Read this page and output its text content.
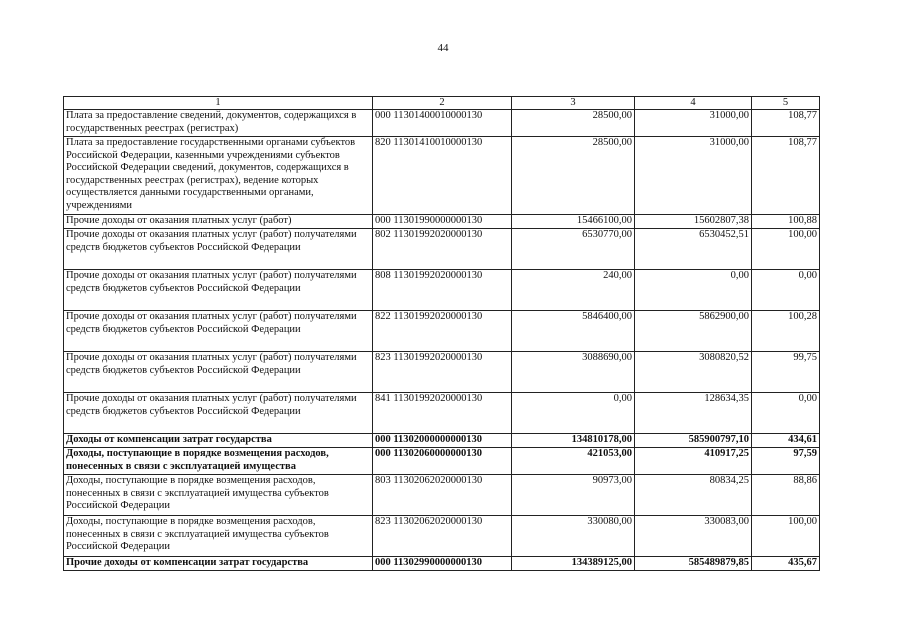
44
1	2	3	4	5
Плата за предоставление сведений, документов, содержащихся в государственных реестрах (регистрах)	000 11301400010000130	28500,00	31000,00	108,77
Плата за предоставление государственными органами субъектов Российской Федерации, казенными учреждениями субъектов Российской Федерации сведений, документов, содержащихся в государственных реестрах (регистрах), ведение которых осуществляется данными государственными органами, учреждениями	820 11301410010000130	28500,00	31000,00	108,77
Прочие доходы от оказания платных услуг (работ)	000 11301990000000130	15466100,00	15602807,38	100,88
Прочие доходы от оказания платных услуг (работ) получателями средств бюджетов субъектов Российской Федерации	802 11301992020000130	6530770,00	6530452,51	100,00
Прочие доходы от оказания платных услуг (работ) получателями средств бюджетов субъектов Российской Федерации	808 11301992020000130	240,00	0,00	0,00
Прочие доходы от оказания платных услуг (работ) получателями средств бюджетов субъектов Российской Федерации	822 11301992020000130	5846400,00	5862900,00	100,28
Прочие доходы от оказания платных услуг (работ) получателями средств бюджетов субъектов Российской Федерации	823 11301992020000130	3088690,00	3080820,52	99,75
Прочие доходы от оказания платных услуг (работ) получателями средств бюджетов субъектов Российской Федерации	841 11301992020000130	0,00	128634,35	0,00
Доходы от компенсации затрат государства	000 11302000000000130	134810178,00	585900797,10	434,61
Доходы, поступающие в порядке возмещения расходов, понесенных в связи с эксплуатацией имущества	000 11302060000000130	421053,00	410917,25	97,59
Доходы, поступающие в порядке возмещения расходов, понесенных в связи с эксплуатацией имущества субъектов Российской Федерации	803 11302062020000130	90973,00	80834,25	88,86
Доходы, поступающие в порядке возмещения расходов, понесенных в связи с эксплуатацией имущества субъектов Российской Федерации	823 11302062020000130	330080,00	330083,00	100,00
Прочие доходы от компенсации затрат государства	000 11302990000000130	134389125,00	585489879,85	435,67
